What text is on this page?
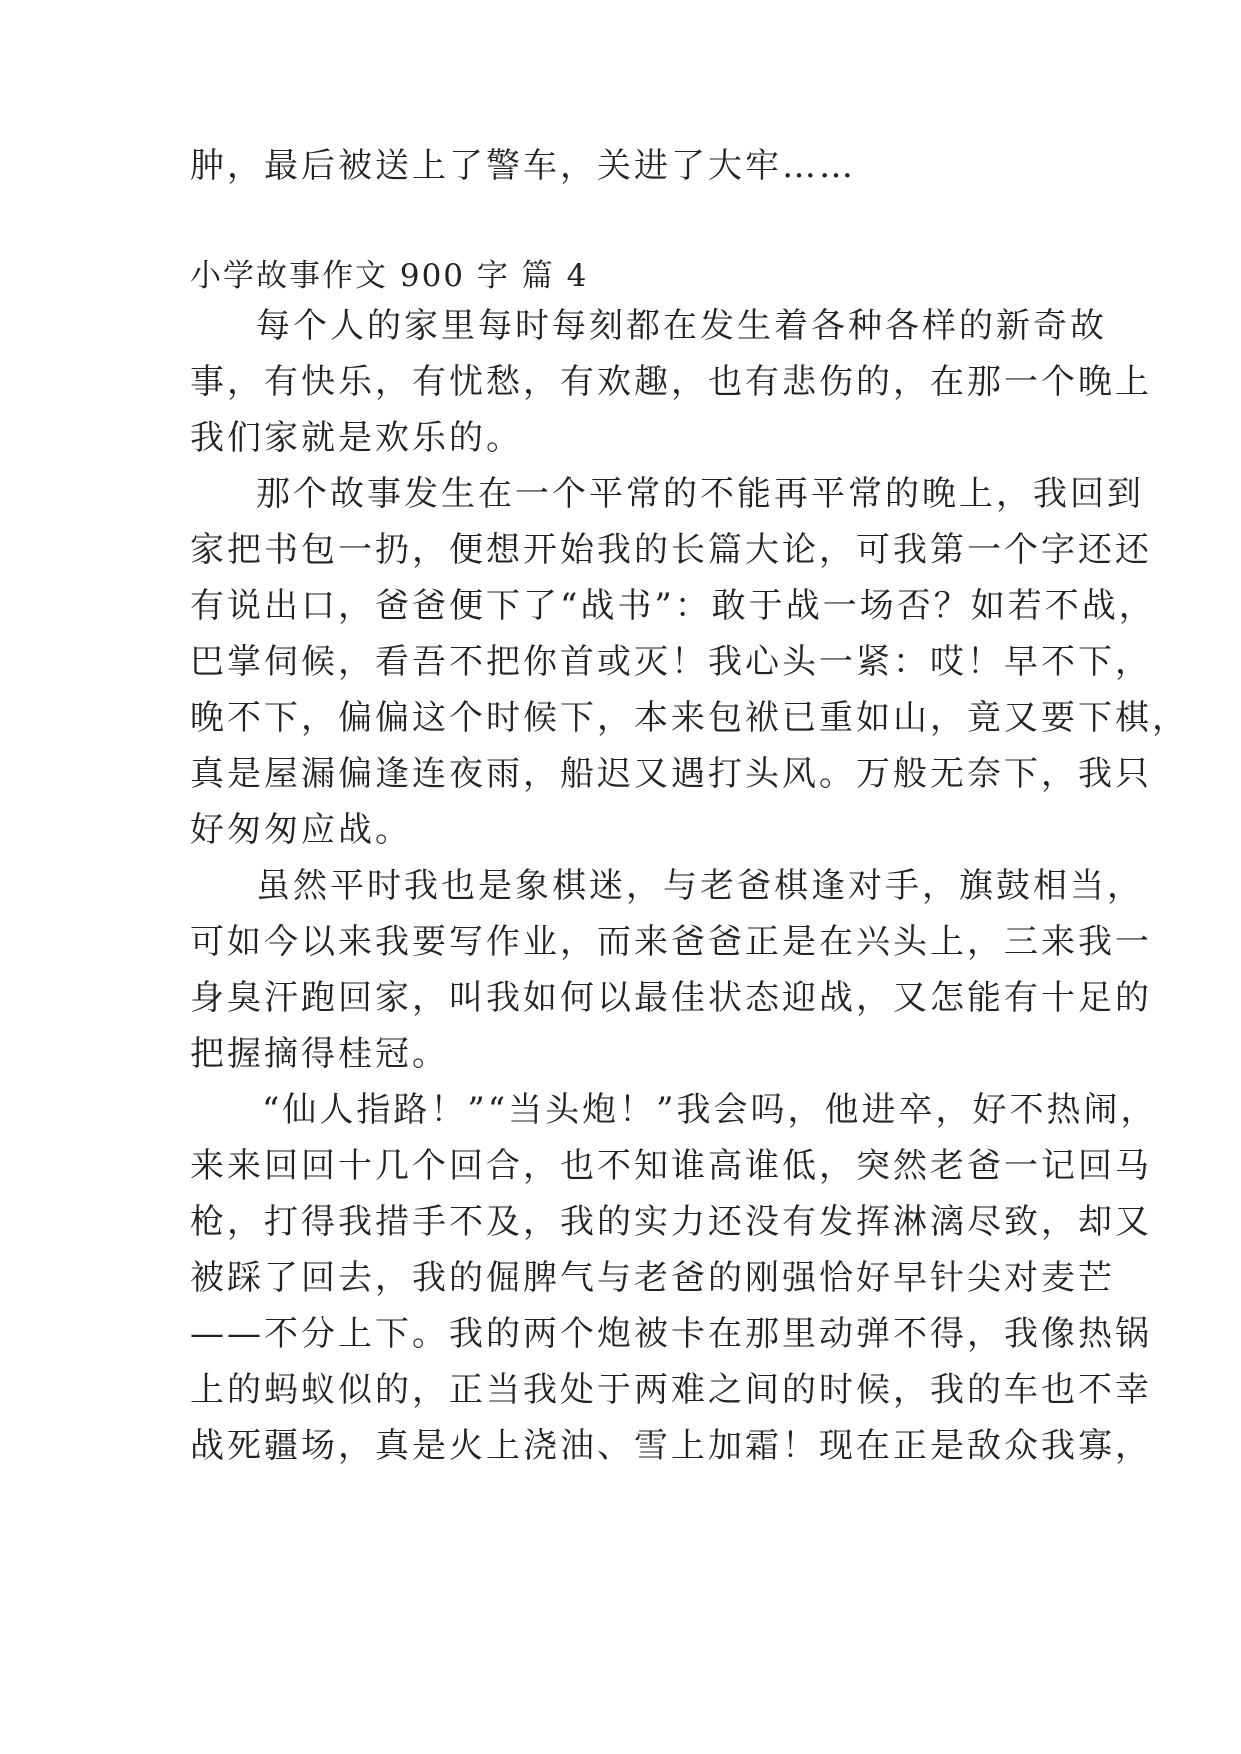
肿，最后被送上了警车，关进了大牢……
小学故事作文 900 字 篇 4
每个人的家里每时每刻都在发生着各种各样的新奇故
事，有快乐，有忧愁，有欢趣，也有悲伤的，在那一个晚上
我们家就是欢乐的。
那个故事发生在一个平常的不能再平常的晚上，我回到
家把书包一扔，便想开始我的长篇大论，可我第一个字还还
有说出口，爸爸便下了“战书”：敢于战一场否？如若不战，
巴掌伺候，看吾不把你首或灭！我心头一紧：哎！早不下，
晚不下，偏偏这个时候下，本来包袱已重如山，竟又要下棋，
真是屋漏偏逢连夜雨，船迟又遇打头风。万般无奈下，我只
好匆匆应战。
虽然平时我也是象棋迷，与老爸棋逢对手，旗鼓相当，
可如今以来我要写作业，而来爸爸正是在兴头上，三来我一
身臭汗跑回家，叫我如何以最佳状态迎战，又怎能有十足的
把握摘得桂冠。
“仙人指路！”“当头炮！”我会吗，他进卒，好不热闹，
来来回回十几个回合，也不知谁高谁低，突然老爸一记回马
枪，打得我措手不及，我的实力还没有发挥淋漓尽致，却又
被踩了回去，我的倔脾气与老爸的刚强恰好早针尖对麦芒
——不分上下。我的两个炮被卡在那里动弹不得，我像热锅
上的蚂蚁似的，正当我处于两难之间的时候，我的车也不幸
战死疆场，真是火上浇油、雪上加霜！现在正是敌众我寡，
